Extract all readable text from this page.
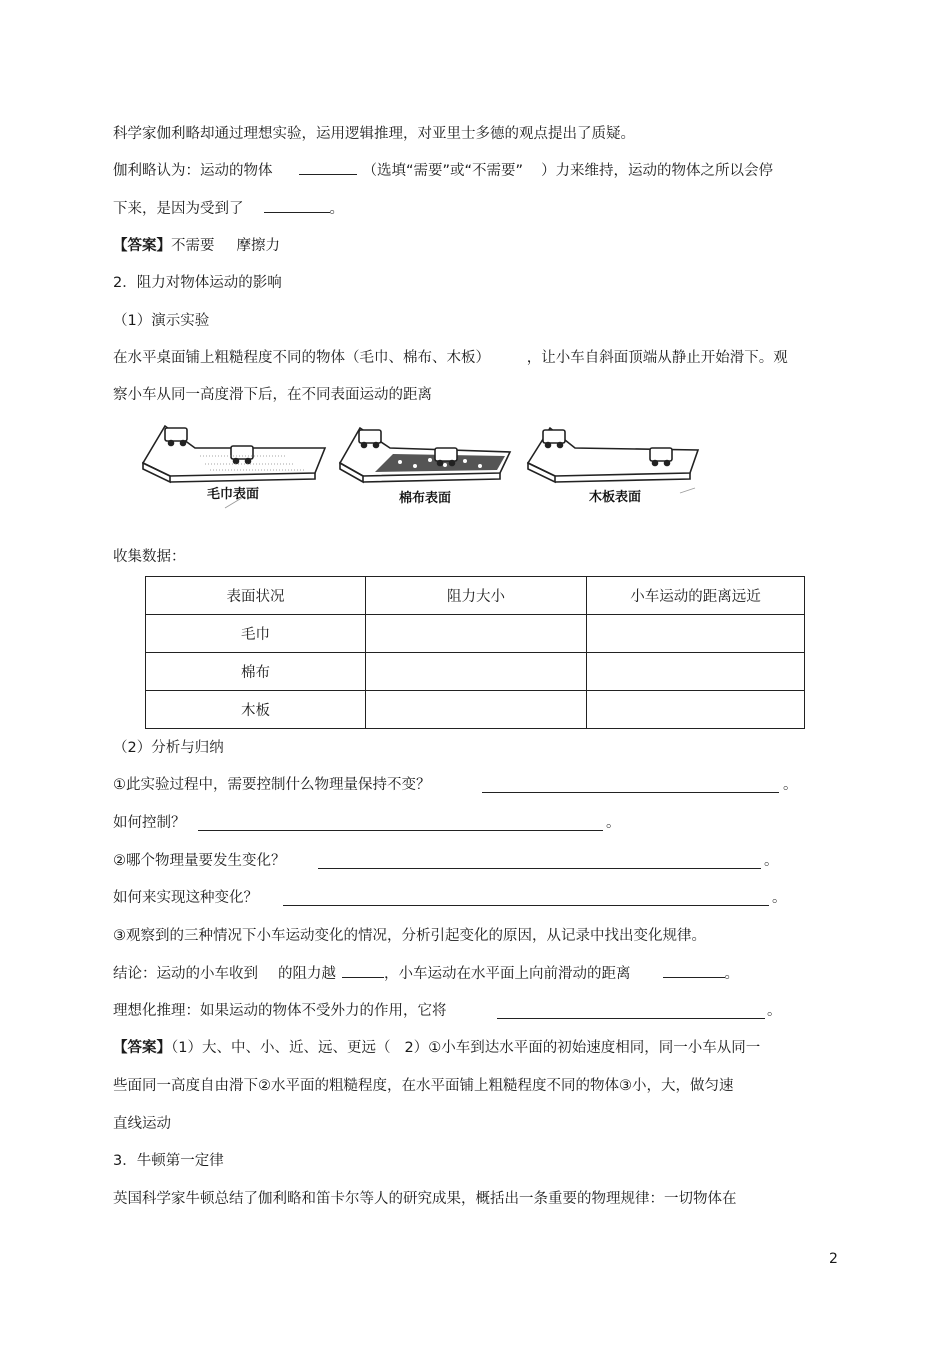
科学家伽利略却通过理想实验，运用逻辑推理，对亚里士多德的观点提出了质疑。
伽利略认为：运动的物体	（选填“需要”或“不需要” ）力来维持，运动的物体之所以会停
下来，是因为受到了	。
【答案】不需要 摩擦力
2．阻力对物体运动的影响
（1）演示实验
在水平桌面铺上粗糙程度不同的物体（毛巾、棉布、木板）	，让小车自斜面顶端从静止开始滑下。观
察小车从同一高度滑下后，在不同表面运动的距离
毛巾表面	棉布表面	木板表面
收集数据：
表面状况	阻力大小	小车运动的距离远近
毛巾		
棉布		
木板		
（2）分析与归纳
①此实验过程中，需要控制什么物理量保持不变？	。
如何控制？	。
②哪个物理量要发生变化？	。
如何来实现这种变化？	。
③观察到的三种情况下小车运动变化的情况，分析引起变化的原因，从记录中找出变化规律。
结论：运动的小车收到 的阻力越	，小车运动在水平面上向前滑动的距离	。
理想化推理：如果运动的物体不受外力的作用，它将	。
【答案】（1）大、中、小、近、远、更远（ 2）①小车到达水平面的初始速度相同，同一小车从同一
些面同一高度自由滑下②水平面的粗糙程度，在水平面铺上粗糙程度不同的物体③小，大，做匀速
直线运动
3．牛顿第一定律
英国科学家牛顿总结了伽利略和笛卡尔等人的研究成果，概括出一条重要的物理规律：一切物体在
2
